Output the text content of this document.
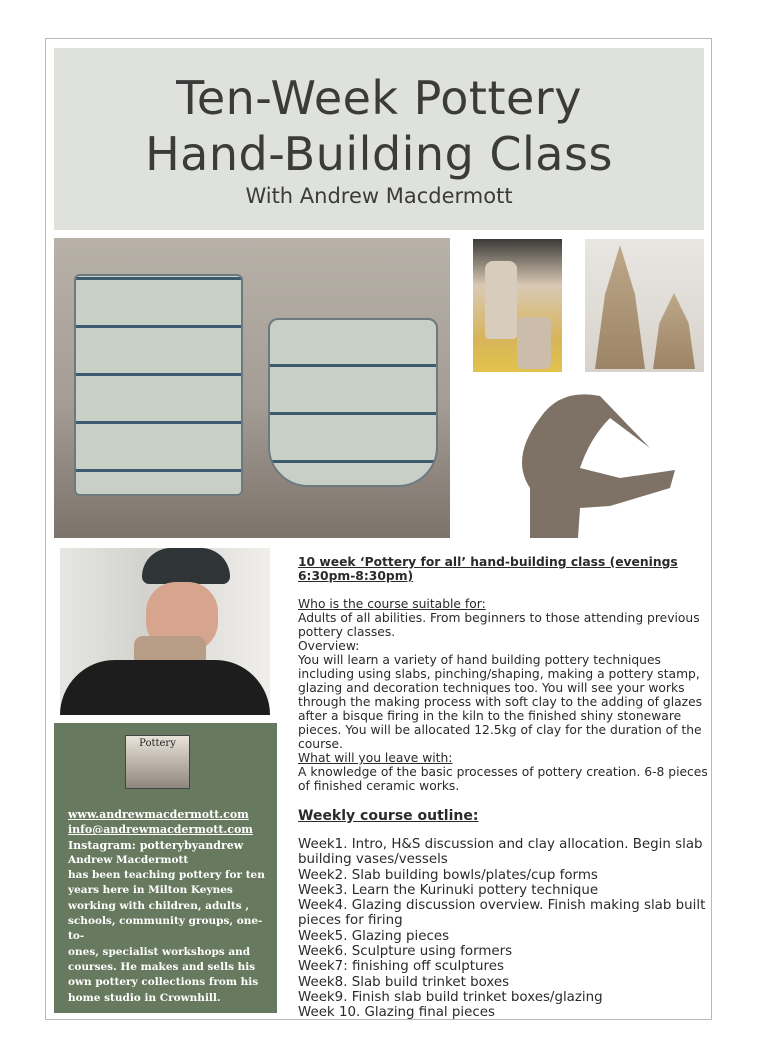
Ten-Week Pottery
Hand-Building Class
With Andrew Macdermott
Pottery
www.andrewmacdermott.com
info@andrewmacdermott.com
Instagram: potterybyandrew
Andrew Macdermott
has been teaching pottery for ten
years here in Milton Keynes
working with children, adults ,
schools, community groups, one-to-
ones, specialist workshops and
courses. He makes and sells his
own pottery collections from his
home studio in Crownhill.

10 week ‘Pottery for all’ hand-building class (evenings 6:30pm-8:30pm)

Who is the course suitable for:

Adults of all abilities. From beginners to those attending previous pottery classes.

Overview:

You will learn a variety of hand building pottery techniques including using slabs, pinching/shaping, making a pottery stamp, glazing and decoration techniques too. You will see your works through the making process with soft clay to the adding of glazes after a bisque firing in the kiln to the finished shiny stoneware pieces. You will be allocated 12.5kg of clay for the duration of the course.

What will you leave with:

A knowledge of the basic processes of pottery creation. 6-8 pieces of finished ceramic works.

Weekly course outline:

Week1. Intro, H&S discussion and clay allocation. Begin slab building vases/vessels

Week2. Slab building bowls/plates/cup forms

Week3. Learn the Kurinuki pottery technique

Week4. Glazing discussion overview. Finish making slab built pieces for firing

Week5. Glazing pieces

Week6. Sculpture using formers

Week7: finishing off sculptures

Week8. Slab build trinket boxes

Week9. Finish slab build trinket boxes/glazing

Week 10. Glazing final pieces
